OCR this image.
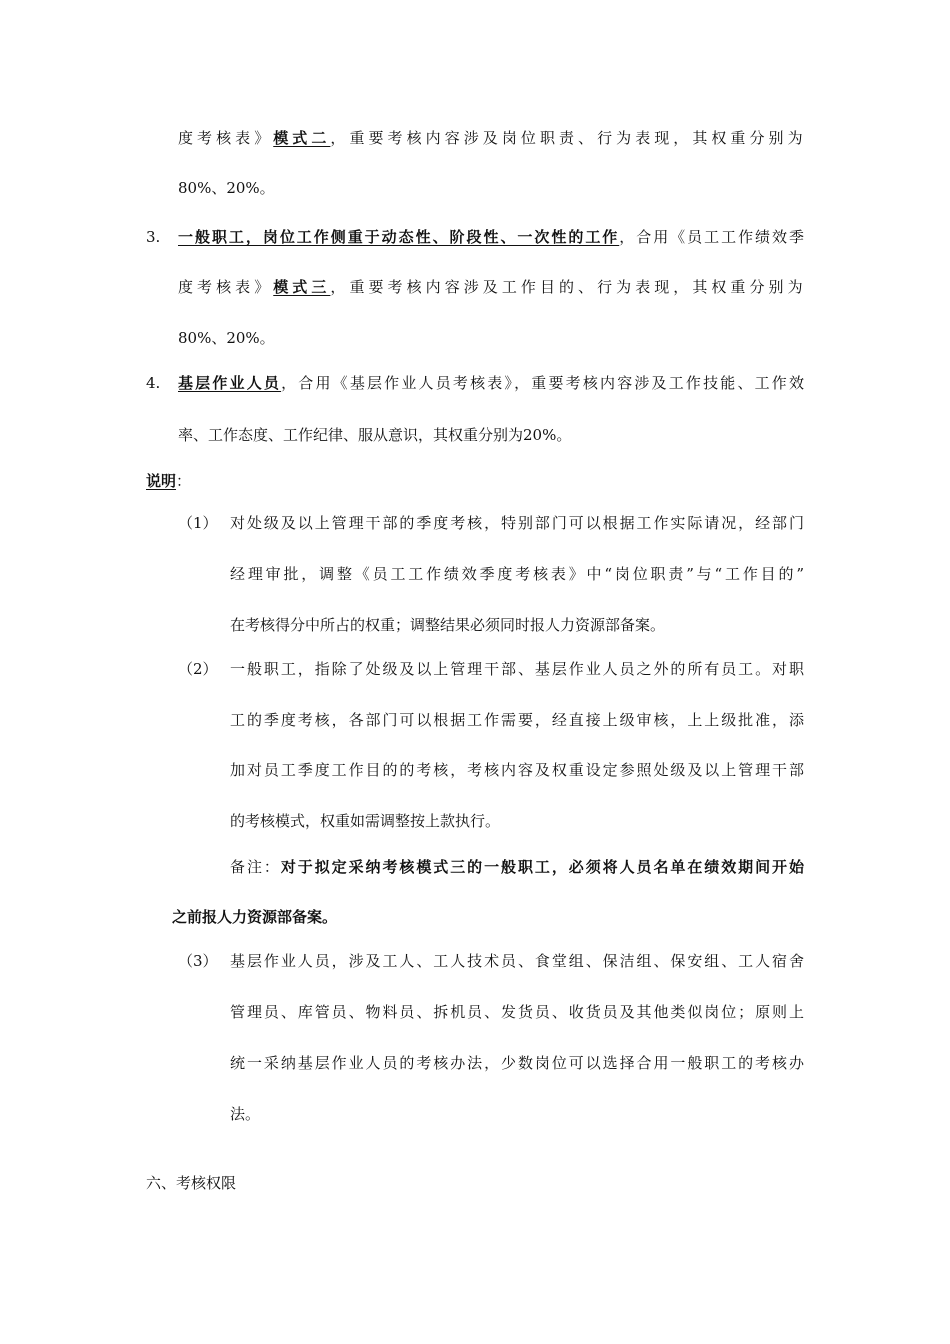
度考核表》模式二，重要考核内容涉及岗位职责、行为表现，其权重分别为
80%、20%。
3. 一般职工，岗位工作侧重于动态性、阶段性、一次性的工作，合用《员工工作绩效季
度考核表》模式三，重要考核内容涉及工作目的、行为表现，其权重分别为
80%、20%。
4. 基层作业人员，合用《基层作业人员考核表》，重要考核内容涉及工作技能、工作效
率、工作态度、工作纪律、服从意识，其权重分别为20%。
说明：
（1） 对处级及以上管理干部的季度考核，特别部门可以根据工作实际请况，经部门
经理审批，调整《员工工作绩效季度考核表》中“岗位职责”与“工作目的”
在考核得分中所占的权重；调整结果必须同时报人力资源部备案。
（2） 一般职工，指除了处级及以上管理干部、基层作业人员之外的所有员工。对职
工的季度考核，各部门可以根据工作需要，经直接上级审核，上上级批准，添
加对员工季度工作目的的考核，考核内容及权重设定参照处级及以上管理干部
的考核模式，权重如需调整按上款执行。
备注：对于拟定采纳考核模式三的一般职工，必须将人员名单在绩效期间开始
之前报人力资源部备案。
（3） 基层作业人员，涉及工人、工人技术员、食堂组、保洁组、保安组、工人宿舍
管理员、库管员、物料员、拆机员、发货员、收货员及其他类似岗位；原则上
统一采纳基层作业人员的考核办法，少数岗位可以选择合用一般职工的考核办
法。
六、考核权限
